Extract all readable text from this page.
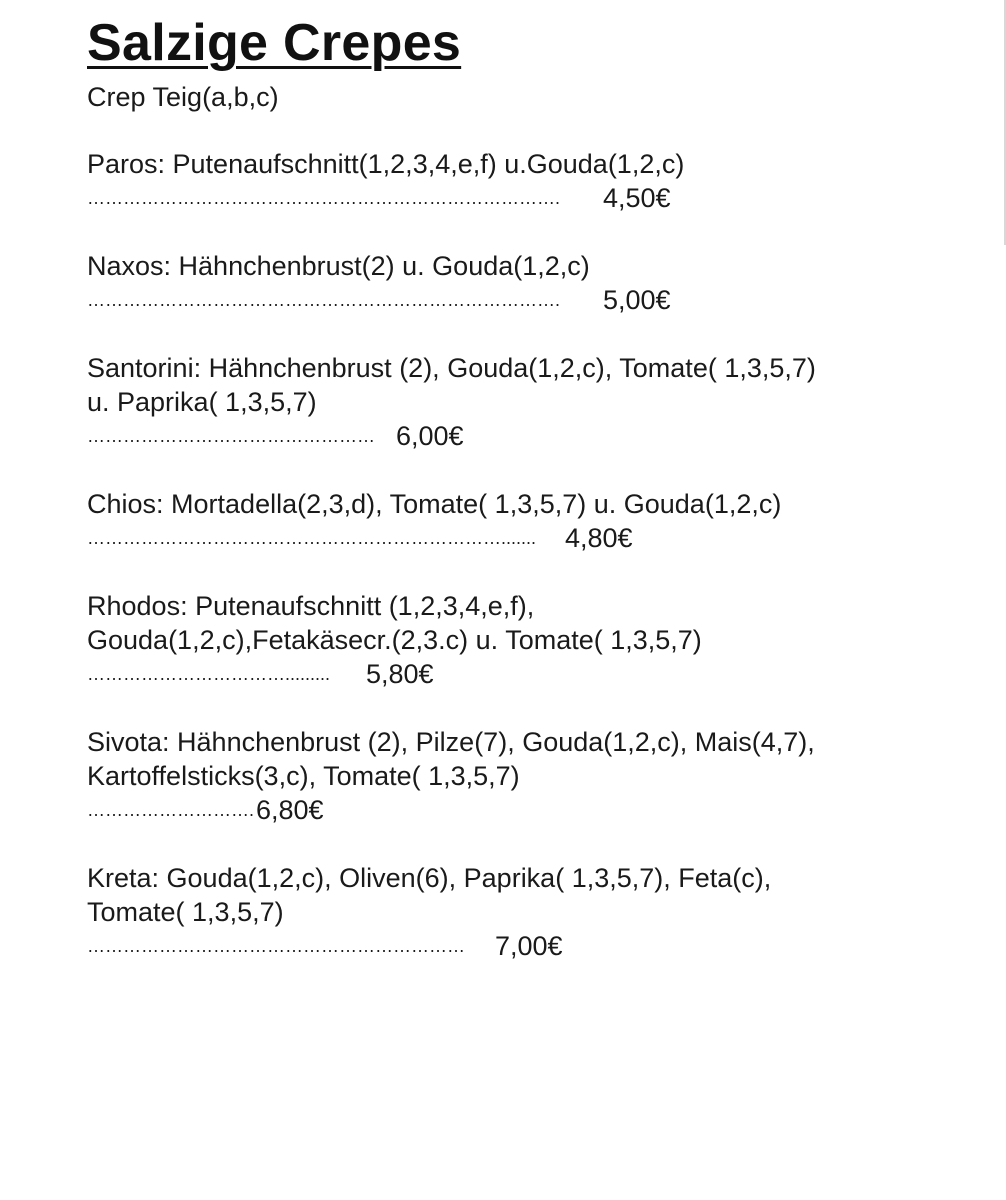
Salzige Crepes
Crep Teig(a,b,c)
Paros: Putenaufschnitt(1,2,3,4,e,f) u.Gouda(1,2,c)
……………………………………………………………………. 4,50€
Naxos: Hähnchenbrust(2) u. Gouda(1,2,c)
……………………………………………………………………. 5,00€
Santorini: Hähnchenbrust (2), Gouda(1,2,c), Tomate( 1,3,5,7)
u. Paprika( 1,3,5,7)
………………………………………… 6,00€
Chios: Mortadella(2,3,d), Tomate( 1,3,5,7) u. Gouda(1,2,c)
……………………………………………………………....... 4,80€
Rhodos: Putenaufschnitt (1,2,3,4,e,f),
Gouda(1,2,c),Fetakäsecr.(2,3.c) u. Tomate( 1,3,5,7)
……………………………......... 5,80€
Sivota: Hähnchenbrust (2), Pilze(7), Gouda(1,2,c), Mais(4,7),
Kartoffelsticks(3,c), Tomate( 1,3,5,7)
……………………….6,80€
Kreta: Gouda(1,2,c), Oliven(6), Paprika( 1,3,5,7), Feta(c),
Tomate( 1,3,5,7)
……………………………………………………… 7,00€
